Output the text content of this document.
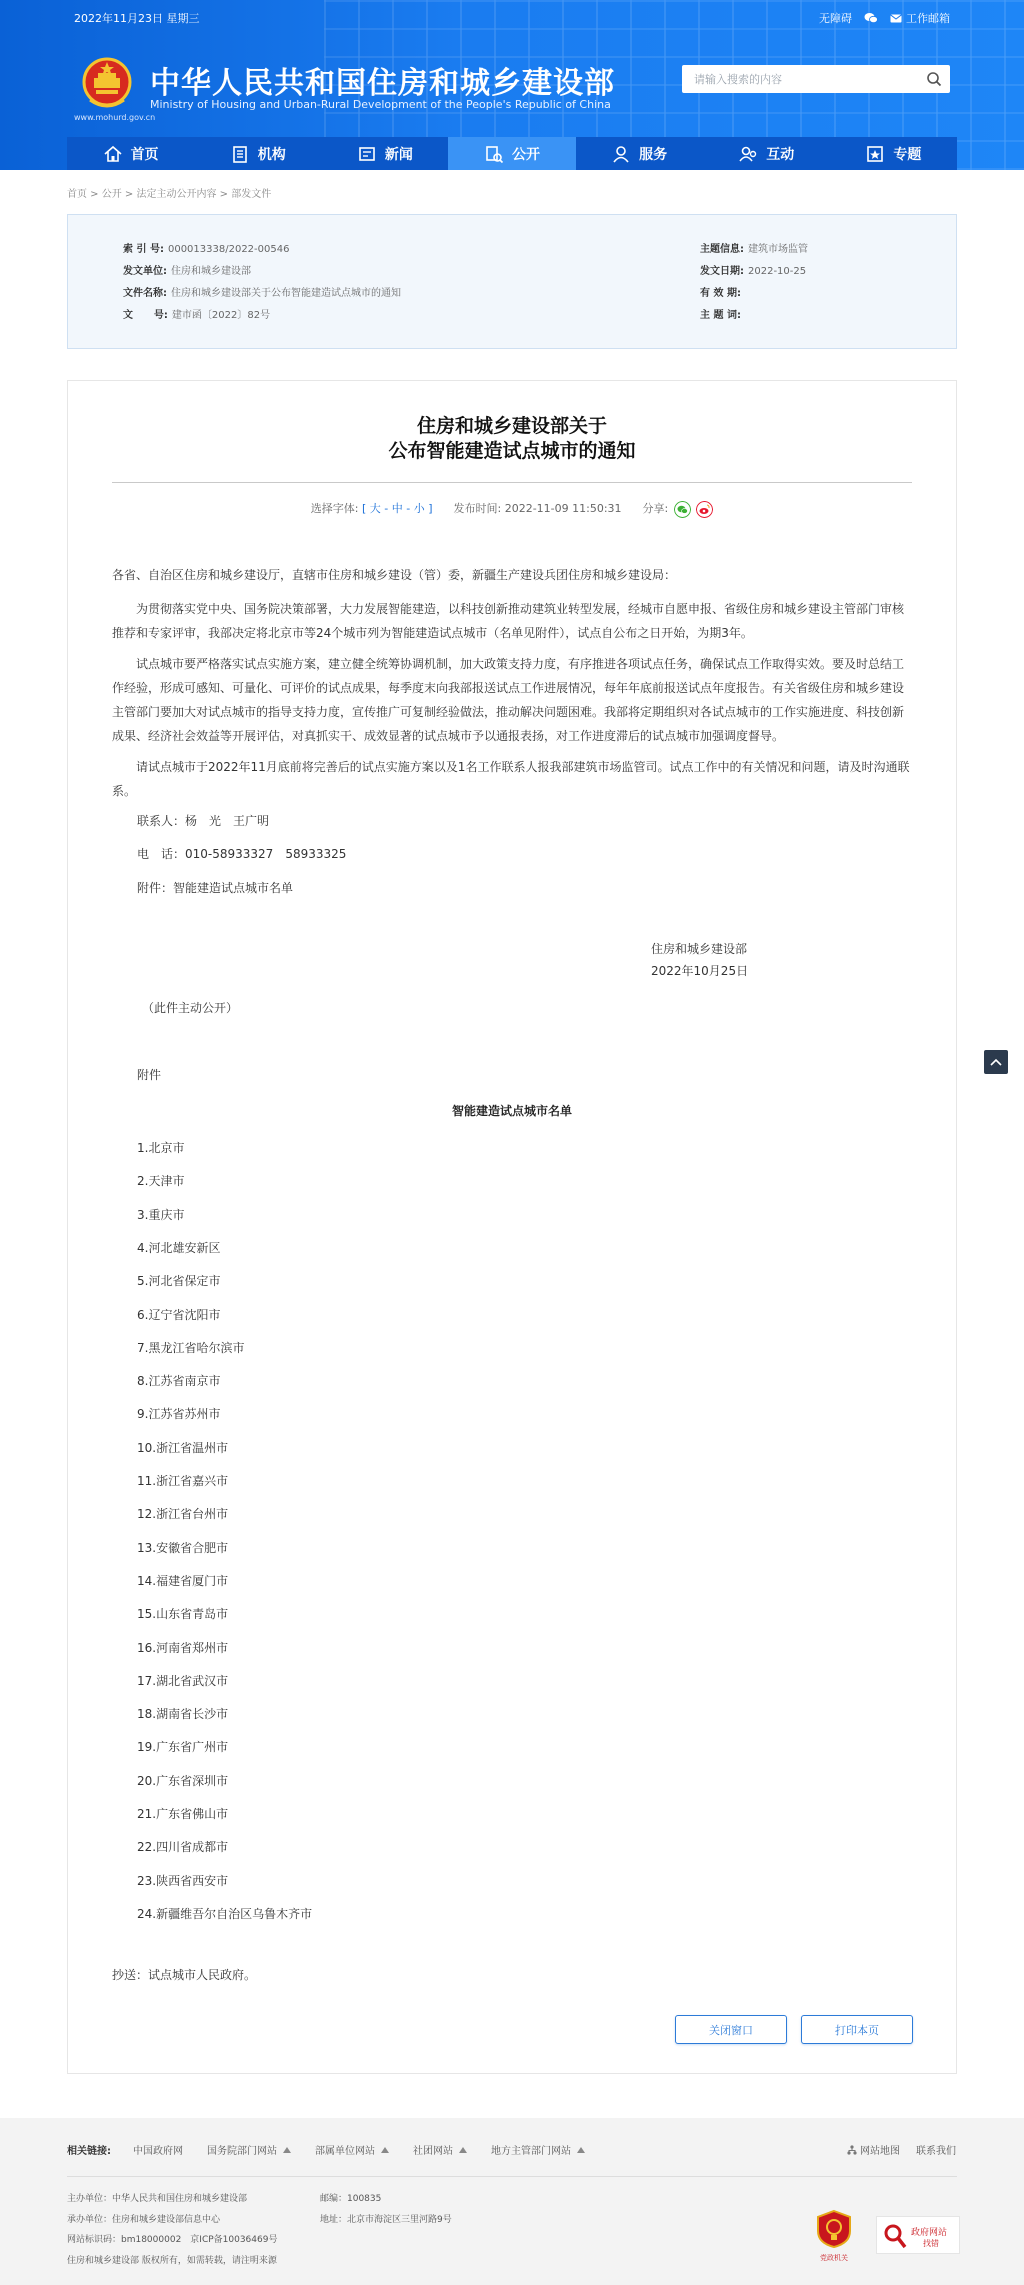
2022年11月23日 星期三	无障碍	工作邮箱
中华人民共和国住房和城乡建设部
Ministry of Housing and Urban-Rural Development of the People's Republic of China
www.mohurd.gov.cn
请输入搜索的内容
首页	机构	新闻	公开	服务	互动	专题
首页 > 公开 > 法定主动公开内容 > 部发文件
索 引 号: 000013338/2022-00546
发文单位: 住房和城乡建设部
文件名称: 住房和城乡建设部关于公布智能建造试点城市的通知
文      号: 建市函〔2022〕82号
主题信息: 建筑市场监管
发文日期: 2022-10-25
有 效 期:
主 题 词:
住房和城乡建设部关于
公布智能建造试点城市的通知
选择字体: [ 大 - 中 - 小 ] 发布时间: 2022-11-09 11:50:31 分享:
各省、自治区住房和城乡建设厅，直辖市住房和城乡建设（管）委，新疆生产建设兵团住房和城乡建设局：
为贯彻落实党中央、国务院决策部署，大力发展智能建造，以科技创新推动建筑业转型发展，经城市自愿申报、省级住房和城乡建设主管部门审核推荐和专家评审，我部决定将北京市等24个城市列为智能建造试点城市（名单见附件），试点自公布之日开始，为期3年。
试点城市要严格落实试点实施方案，建立健全统筹协调机制，加大政策支持力度，有序推进各项试点任务，确保试点工作取得实效。要及时总结工作经验，形成可感知、可量化、可评价的试点成果，每季度末向我部报送试点工作进展情况，每年年底前报送试点年度报告。有关省级住房和城乡建设主管部门要加大对试点城市的指导支持力度，宣传推广可复制经验做法，推动解决问题困难。我部将定期组织对各试点城市的工作实施进度、科技创新成果、经济社会效益等开展评估，对真抓实干、成效显著的试点城市予以通报表扬，对工作进度滞后的试点城市加强调度督导。
请试点城市于2022年11月底前将完善后的试点实施方案以及1名工作联系人报我部建筑市场监管司。试点工作中的有关情况和问题，请及时沟通联系。
联系人：杨　光　王广明
电　话：010-58933327　58933325
附件：智能建造试点城市名单
住房和城乡建设部
2022年10月25日
（此件主动公开）
附件
智能建造试点城市名单
1.北京市
2.天津市
3.重庆市
4.河北雄安新区
5.河北省保定市
6.辽宁省沈阳市
7.黑龙江省哈尔滨市
8.江苏省南京市
9.江苏省苏州市
10.浙江省温州市
11.浙江省嘉兴市
12.浙江省台州市
13.安徽省合肥市
14.福建省厦门市
15.山东省青岛市
16.河南省郑州市
17.湖北省武汉市
18.湖南省长沙市
19.广东省广州市
20.广东省深圳市
21.广东省佛山市
22.四川省成都市
23.陕西省西安市
24.新疆维吾尔自治区乌鲁木齐市
抄送：试点城市人民政府。
关闭窗口	打印本页
相关链接: 中国政府网 国务院部门网站	部属单位网站	社团网站	地方主管部门网站	网站地图 联系我们
主办单位：中华人民共和国住房和城乡建设部
承办单位：住房和城乡建设部信息中心
网站标识码：bm18000002　京ICP备10036469号
住房和城乡建设部 版权所有，如需转载，请注明来源
邮编：100835
地址：北京市海淀区三里河路9号
党政机关
政府网站
找错
